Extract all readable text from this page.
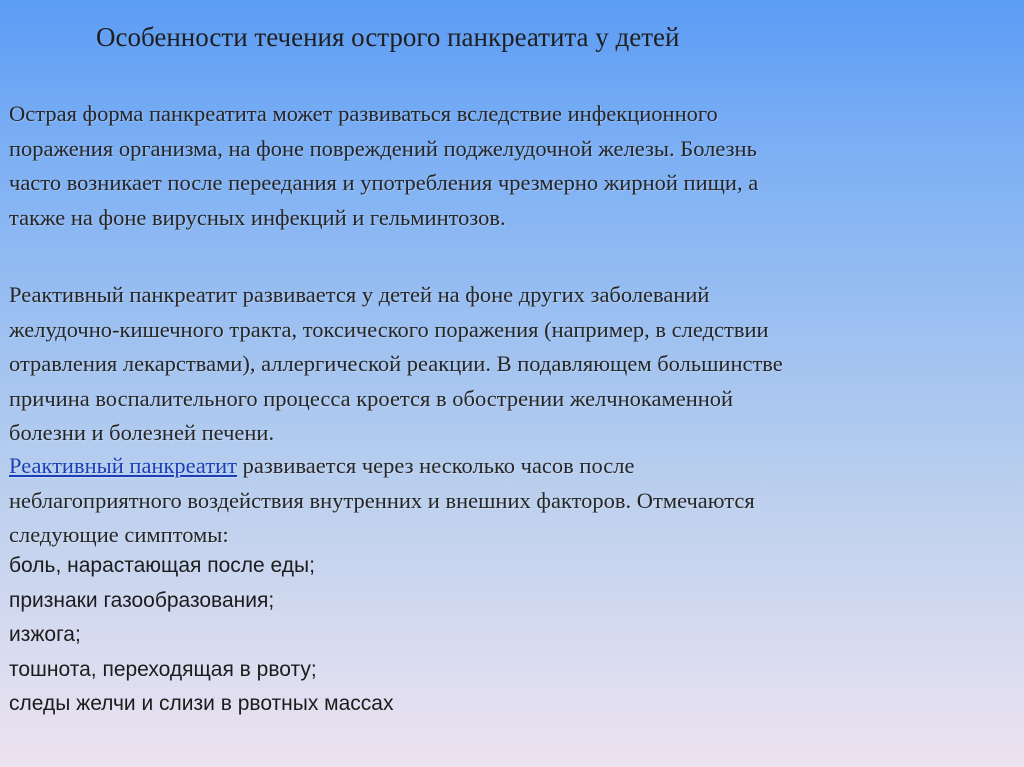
Особенности течения острого панкреатита у детей
Острая форма панкреатита может развиваться вследствие инфекционного
поражения организма, на фоне повреждений поджелудочной железы. Болезнь
часто возникает после переедания и употребления чрезмерно жирной пищи, а
также на фоне вирусных инфекций и гельминтозов.
Реактивный панкреатит развивается у детей на фоне других заболеваний
желудочно-кишечного тракта, токсического поражения (например, в следствии
отравления лекарствами), аллергической реакции. В подавляющем большинстве
причина воспалительного процесса кроется в обострении желчнокаменной
болезни и болезней печени.
Реактивный панкреатит развивается через несколько часов после
неблагоприятного воздействия внутренних и внешних факторов. Отмечаются
следующие симптомы:
боль, нарастающая после еды;
признаки газообразования;
изжога;
тошнота, переходящая в рвоту;
следы желчи и слизи в рвотных массах
